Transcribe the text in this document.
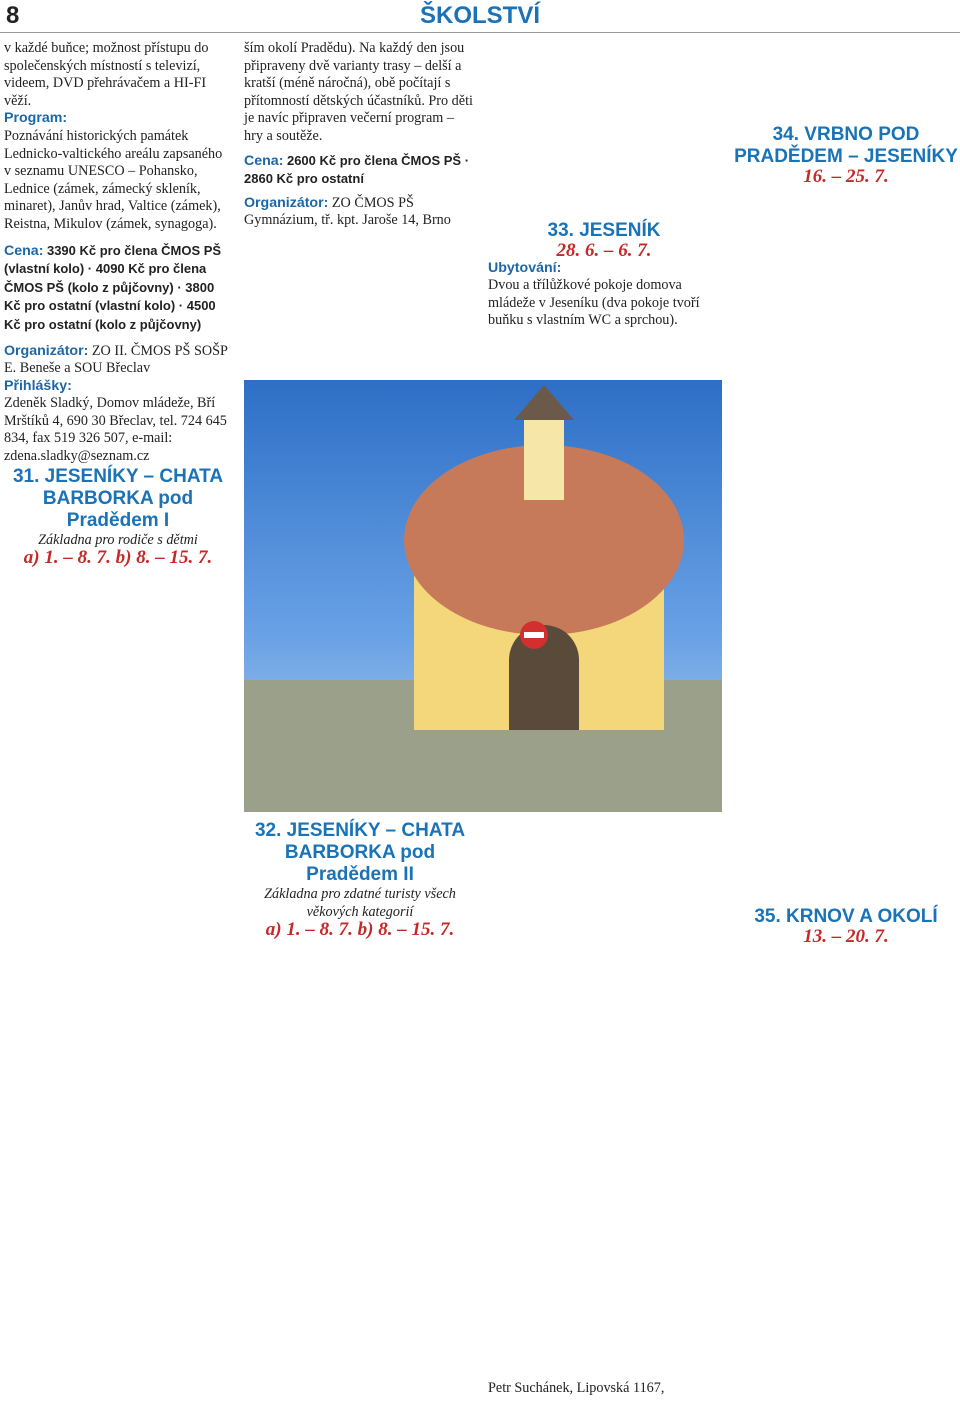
8	ŠKOLSTVÍ

v každé buňce; možnost přístupu do společenských místností s televizí, videem, DVD přehrávačem a HI-FI věží.

Program:

Poznávání historických památek Lednicko-valtického areálu zapsaného v seznamu UNESCO – Pohansko, Lednice (zámek, zámecký skleník, minaret), Janův hrad, Valtice (zámek), Reistna, Mikulov (zámek, synagoga).

Cena: 3390 Kč pro člena ČMOS PŠ (vlastní kolo) · 4090 Kč pro člena ČMOS PŠ (kolo z půjčovny) · 3800 Kč pro ostatní (vlastní kolo) · 4500 Kč pro ostatní (kolo z půjčovny)

Organizátor: ZO II. ČMOS PŠ SOŠP E. Beneše a SOU Břeclav

Přihlášky:

Zdeněk Sladký, Domov mládeže, Bří Mrštíků 4, 690 30 Břeclav, tel. 724 645 834, fax 519 326 507, e-mail: zdena.sladky@seznam.cz

31. JESENÍKY – CHATA BARBORKA pod Pradědem I

Základna pro rodiče s dětmi

a) 1. – 8. 7. b) 8. – 15. 7.

ším okolí Pradědu). Na každý den jsou připraveny dvě varianty trasy – delší a kratší (méně náročná), obě počítají s přítomností dětských účastníků. Pro děti je navíc připraven večerní program – hry a soutěže.

Cena: 2600 Kč pro člena ČMOS PŠ · 2860 Kč pro ostatní

Organizátor: ZO ČMOS PŠ Gymnázium, tř. kpt. Jaroše 14, Brno

32. JESENÍKY – CHATA BARBORKA pod Pradědem II

Základna pro zdatné turisty všech věkových kategorií

a) 1. – 8. 7. b) 8. – 15. 7.

33. JESENÍK

28. 6. – 6. 7.

Ubytování:

Dvou a třílůžkové pokoje domova mládeže v Jeseníku (dva pokoje tvoří buňku s vlastním WC a sprchou).

Petr Suchánek, Lipovská 1167,

34. VRBNO POD PRADĚDEM – JESENÍKY

16. – 25. 7.

35. KRNOV A OKOLÍ

13. – 20. 7.
